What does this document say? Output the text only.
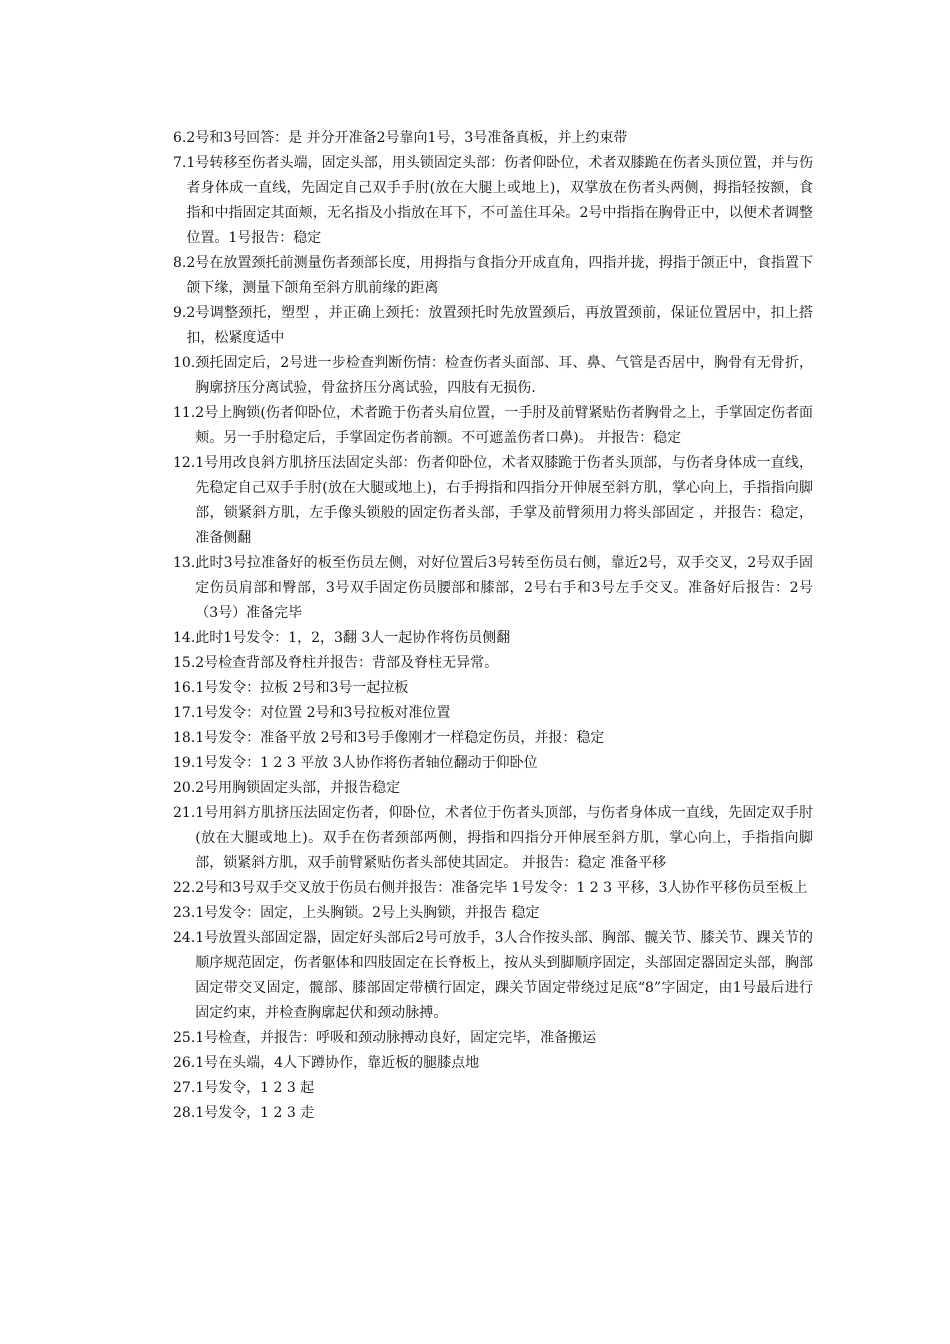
6. 2号和3号回答：是 并分开准备2号靠向1号，3号准备真板，并上约束带
7. 1号转移至伤者头端，固定头部，用头锁固定头部：伤者仰卧位，术者双膝跪在伤者头顶位置，并与伤者身体成一直线，先固定自己双手手肘(放在大腿上或地上)，双掌放在伤者头两侧，拇指轻按额，食指和中指固定其面颊，无名指及小指放在耳下，不可盖住耳朵。2号中指指在胸骨正中，以便术者调整位置。1号报告：稳定
8. 2号在放置颈托前测量伤者颈部长度，用拇指与食指分开成直角，四指并拢，拇指于颌正中，食指置下颌下缘，测量下颌角至斜方肌前缘的距离
9. 2号调整颈托，塑型 ，并正确上颈托：放置颈托时先放置颈后，再放置颈前，保证位置居中，扣上搭扣，松紧度适中
10. 颈托固定后，2号进一步检查判断伤情：检查伤者头面部、耳、鼻、气管是否居中，胸骨有无骨折，胸廓挤压分离试验，骨盆挤压分离试验，四肢有无损伤.
11. 2号上胸锁(伤者仰卧位，术者跪于伤者头肩位置，一手肘及前臂紧贴伤者胸骨之上，手掌固定伤者面颊。另一手肘稳定后，手掌固定伤者前额。不可遮盖伤者口鼻)。 并报告：稳定
12. 1号用改良斜方肌挤压法固定头部：伤者仰卧位，术者双膝跪于伤者头顶部，与伤者身体成一直线，先稳定自己双手手肘(放在大腿或地上)，右手拇指和四指分开伸展至斜方肌，掌心向上，手指指向脚部，锁紧斜方肌，左手像头锁般的固定伤者头部，手掌及前臂须用力将头部固定 ，并报告：稳定，准备侧翻
13. 此时3号拉准备好的板至伤员左侧，对好位置后3号转至伤员右侧，靠近2号，双手交叉，2号双手固定伤员肩部和臀部，3号双手固定伤员腰部和膝部，2号右手和3号左手交叉。准备好后报告：2号（3号）准备完毕
14. 此时1号发令：1，2，3翻 3人一起协作将伤员侧翻
15. 2号检查背部及脊柱并报告：背部及脊柱无异常。
16. 1号发令：拉板 2号和3号一起拉板
17. 1号发令：对位置 2号和3号拉板对准位置
18. 1号发令：准备平放 2号和3号手像刚才一样稳定伤员，并报：稳定
19. 1号发令：1 2 3 平放 3人协作将伤者轴位翻动于仰卧位
20. 2号用胸锁固定头部，并报告稳定
21. 1号用斜方肌挤压法固定伤者，仰卧位，术者位于伤者头顶部，与伤者身体成一直线，先固定双手肘(放在大腿或地上)。双手在伤者颈部两侧，拇指和四指分开伸展至斜方肌，掌心向上，手指指向脚部，锁紧斜方肌，双手前臂紧贴伤者头部使其固定。 并报告：稳定 准备平移
22. 2号和3号双手交叉放于伤员右侧并报告：准备完毕 1号发令：1 2 3 平移，3人协作平移伤员至板上
23. 1号发令：固定，上头胸锁。2号上头胸锁，并报告 稳定
24. 1号放置头部固定器，固定好头部后2号可放手，3人合作按头部、胸部、髋关节、膝关节、踝关节的顺序规范固定，伤者躯体和四肢固定在长脊板上，按从头到脚顺序固定，头部固定器固定头部，胸部固定带交叉固定，髋部、膝部固定带横行固定，踝关节固定带绕过足底“8”字固定，由1号最后进行固定约束，并检查胸廓起伏和颈动脉搏。
25. 1号检查，并报告：呼吸和颈动脉搏动良好，固定完毕，准备搬运
26. 1号在头端，4人下蹲协作，靠近板的腿膝点地
27. 1号发令，1 2 3 起
28. 1号发令，1 2 3 走
